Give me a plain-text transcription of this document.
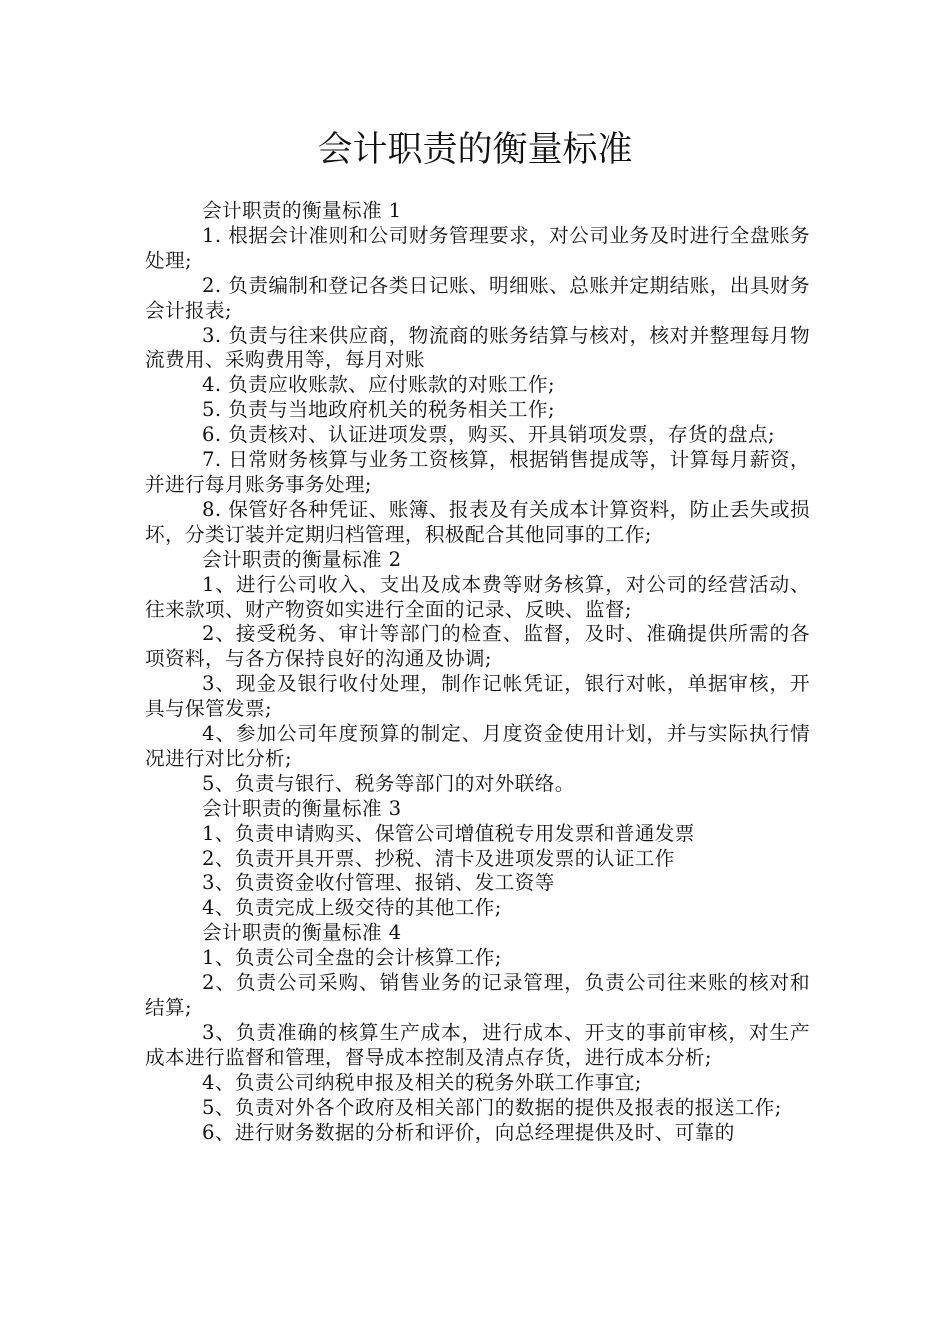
会计职责的衡量标准

会计职责的衡量标准 1

1. 根据会计准则和公司财务管理要求，对公司业务及时进行全盘账务处理;

2. 负责编制和登记各类日记账、明细账、总账并定期结账，出具财务会计报表;

3. 负责与往来供应商，物流商的账务结算与核对，核对并整理每月物流费用、采购费用等，每月对账

4. 负责应收账款、应付账款的对账工作;

5. 负责与当地政府机关的税务相关工作;

6. 负责核对、认证进项发票，购买、开具销项发票，存货的盘点;

7. 日常财务核算与业务工资核算，根据销售提成等，计算每月薪资，并进行每月账务事务处理;

8. 保管好各种凭证、账簿、报表及有关成本计算资料，防止丢失或损坏，分类订装并定期归档管理，积极配合其他同事的工作;

会计职责的衡量标准 2

1、进行公司收入、支出及成本费等财务核算，对公司的经营活动、往来款项、财产物资如实进行全面的记录、反映、监督;

2、接受税务、审计等部门的检查、监督，及时、准确提供所需的各项资料，与各方保持良好的沟通及协调;

3、现金及银行收付处理，制作记帐凭证，银行对帐，单据审核，开具与保管发票;

4、参加公司年度预算的制定、月度资金使用计划，并与实际执行情况进行对比分析;

5、负责与银行、税务等部门的对外联络。

会计职责的衡量标准 3

1、负责申请购买、保管公司增值税专用发票和普通发票

2、负责开具开票、抄税、清卡及进项发票的认证工作

3、负责资金收付管理、报销、发工资等

4、负责完成上级交待的其他工作;

会计职责的衡量标准 4

1、负责公司全盘的会计核算工作;

2、负责公司采购、销售业务的记录管理，负责公司往来账的核对和结算;

3、负责准确的核算生产成本，进行成本、开支的事前审核，对生产成本进行监督和管理，督导成本控制及清点存货，进行成本分析;

4、负责公司纳税申报及相关的税务外联工作事宜;

5、负责对外各个政府及相关部门的数据的提供及报表的报送工作;

6、进行财务数据的分析和评价，向总经理提供及时、可靠的
